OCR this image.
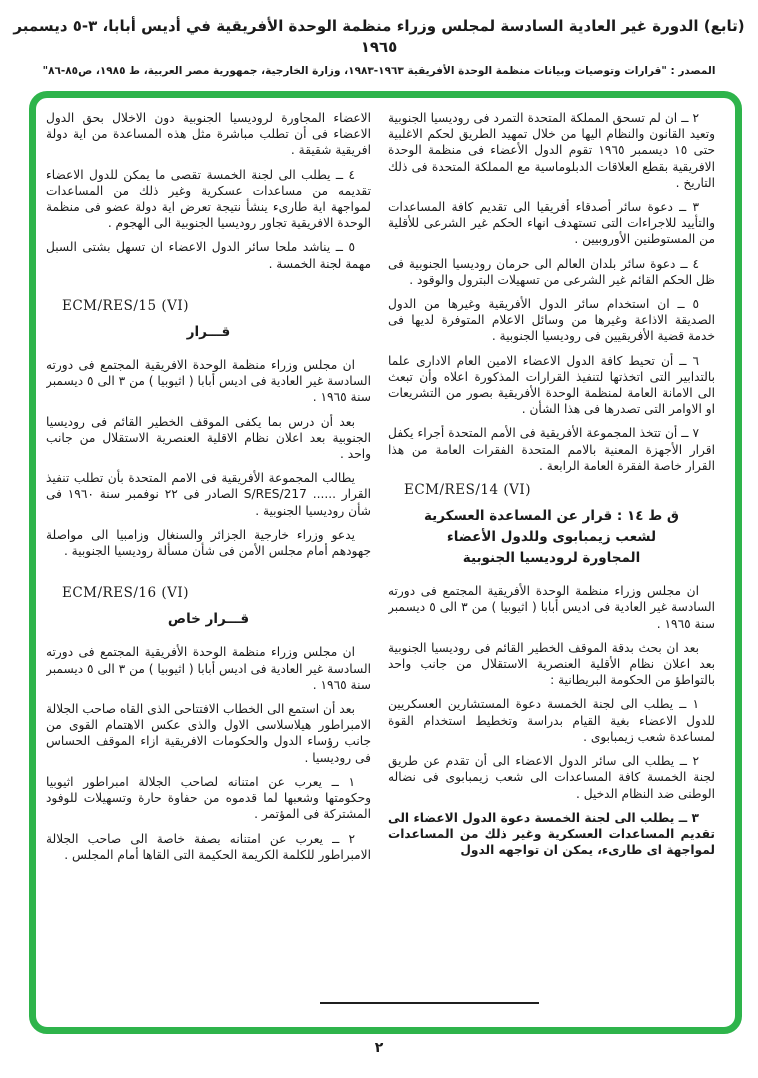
(تابع) الدورة غير العادية السادسة لمجلس وزراء منظمة الوحدة الأفريقية في أديس أبابا، ٣-٥ ديسمبر ١٩٦٥
المصدر : "قرارات وتوصيات وبيانات منظمة الوحدة الأفريقية ١٩٦٣-١٩٨٣، وزارة الخارجية، جمهورية مصر العربية، ط ١٩٨٥، ص٨٥-٨٦"

٢ ــ ان لم تسحق المملكة المتحدة التمرد فى روديسيا الجنوبية وتعيد القانون والنظام اليها من خلال تمهيد الطريق لحكم الاغلبية حتى ١٥ ديسمبر ١٩٦٥ تقوم الدول الأعضاء فى منظمة الوحدة الافريقية بقطع العلاقات الدبلوماسية مع المملكة المتحدة فى ذلك التاريخ .

٣ ــ دعوة سائر أصدقاء أفريقيا الى تقديم كافة المساعدات والتأييد للاجراءات التى تستهدف انهاء الحكم غير الشرعى للأقلية من المستوطنين الأوروبيين .

٤ ــ دعوة سائر بلدان العالم الى حرمان روديسيا الجنوبية فى ظل الحكم القائم غير الشرعى من تسهيلات البترول والوقود .

٥ ــ ان استخدام سائر الدول الأفريقية وغيرها من الدول الصديقة الاذاعة وغيرها من وسائل الاعلام المتوفرة لديها فى خدمة قضية الأفريقيين فى روديسيا الجنوبية .

٦ ــ أن تحيط كافة الدول الاعضاء الامين العام الادارى علما بالتدابير التى اتخذتها لتنفيذ القرارات المذكورة اعلاه وأن تبعث الى الامانة العامة لمنظمة الوحدة الأفريقية بصور من التشريعات او الاوامر التى تصدرها فى هذا الشأن .

٧ ــ أن تتخذ المجموعة الأفريقية فى الأمم المتحدة أجراء يكفل اقرار الأجهزة المعنية بالامم المتحدة الفقرات العامة من هذا القرار خاصة الفقرة العامة الرابعة .

ECM/RES/14 (VI)

ق ط ١٤ : قرار عن المساعدة العسكرية
لشعب زيمبابوى وللدول الأعضاء
المجاورة لروديسيا الجنوبية

ان مجلس وزراء منظمة الوحدة الأفريقية المجتمع فى دورته السادسة غير العادية فى اديس أبابا ( اثيوبيا ) من ٣ الى ٥ ديسمبر سنة ١٩٦٥ .

بعد ان بحث بدقة الموقف الخطير القائم فى روديسيا الجنوبية بعد اعلان نظام الأقلية العنصرية الاستقلال من جانب واحد بالتواطؤ من الحكومة البريطانية :

١ ــ يطلب الى لجنة الخمسة دعوة المستشارين العسكريين للدول الاعضاء بغية القيام بدراسة وتخطيط استخدام القوة لمساعدة شعب زيمبابوى .

٢ ــ يطلب الى سائر الدول الاعضاء الى أن تقدم عن طريق لجنة الخمسة كافة المساعدات الى شعب زيمبابوى فى نضاله الوطنى ضد النظام الدخيل .

٣ ــ يطلب الى لجنة الخمسة دعوة الدول الاعضاء الى تقديم المساعدات العسكرية وغير ذلك من المساعدات لمواجهة اى طارىء، يمكن ان تواجهه الدول

الاعضاء المجاورة لروديسيا الجنوبية دون الاخلال بحق الدول الاعضاء فى أن تطلب مباشرة مثل هذه المساعدة من اية دولة افريقية شقيقة .

٤ ــ يطلب الى لجنة الخمسة تقصى ما يمكن للدول الاعضاء تقديمه من مساعدات عسكرية وغير ذلك من المساعدات لمواجهة اية طارىء ينشأ نتيجة تعرض اية دولة عضو فى منظمة الوحدة الافريقية تجاور روديسيا الجنوبية الى الهجوم .

٥ ــ يناشد ملحا سائر الدول الاعضاء ان تسهل بشتى السبل مهمة لجنة الخمسة .

ECM/RES/15 (VI)

قـــرار

ان مجلس وزراء منظمة الوحدة الافريقية المجتمع فى دورته السادسة غير العادية فى اديس أبابا ( اثيوبيا ) من ٣ الى ٥ ديسمبر سنة ١٩٦٥ .

بعد أن درس بما يكفى الموقف الخطير القائم فى روديسيا الجنوبية بعد اعلان نظام الاقلية العنصرية الاستقلال من جانب واحد .

يطالب المجموعة الأفريقية فى الامم المتحدة بأن تطلب تنفيذ القرار ...... S/RES/217 الصادر فى ٢٢ نوفمبر سنة ١٩٦٠ فى شأن روديسيا الجنوبية .

يدعو وزراء خارجية الجزائر والسنغال وزامبيا الى مواصلة جهودهم أمام مجلس الأمن فى شأن مسألة روديسيا الجنوبية .

ECM/RES/16 (VI)

قـــرار خاص

ان مجلس وزراء منظمة الوحدة الأفريقية المجتمع فى دورته السادسة غير العادية فى اديس أبابا ( اثيوبيا ) من ٣ الى ٥ ديسمبر سنة ١٩٦٥ .

بعد أن استمع الى الخطاب الافتتاحى الذى القاه صاحب الجلالة الامبراطور هيلاسلاسى الاول والذى عكس الاهتمام القوى من جانب رؤساء الدول والحكومات الافريقية ازاء الموقف الحساس فى روديسيا .

١ ــ يعرب عن امتنانه لصاحب الجلالة امبراطور اثيوبيا وحكومتها وشعبها لما قدموه من حفاوة حارة وتسهيلات للوفود المشتركة فى المؤتمر .

٢ ــ يعرب عن امتنانه بصفة خاصة الى صاحب الجلالة الامبراطور للكلمة الكريمة الحكيمة التى القاها أمام المجلس .

٢
